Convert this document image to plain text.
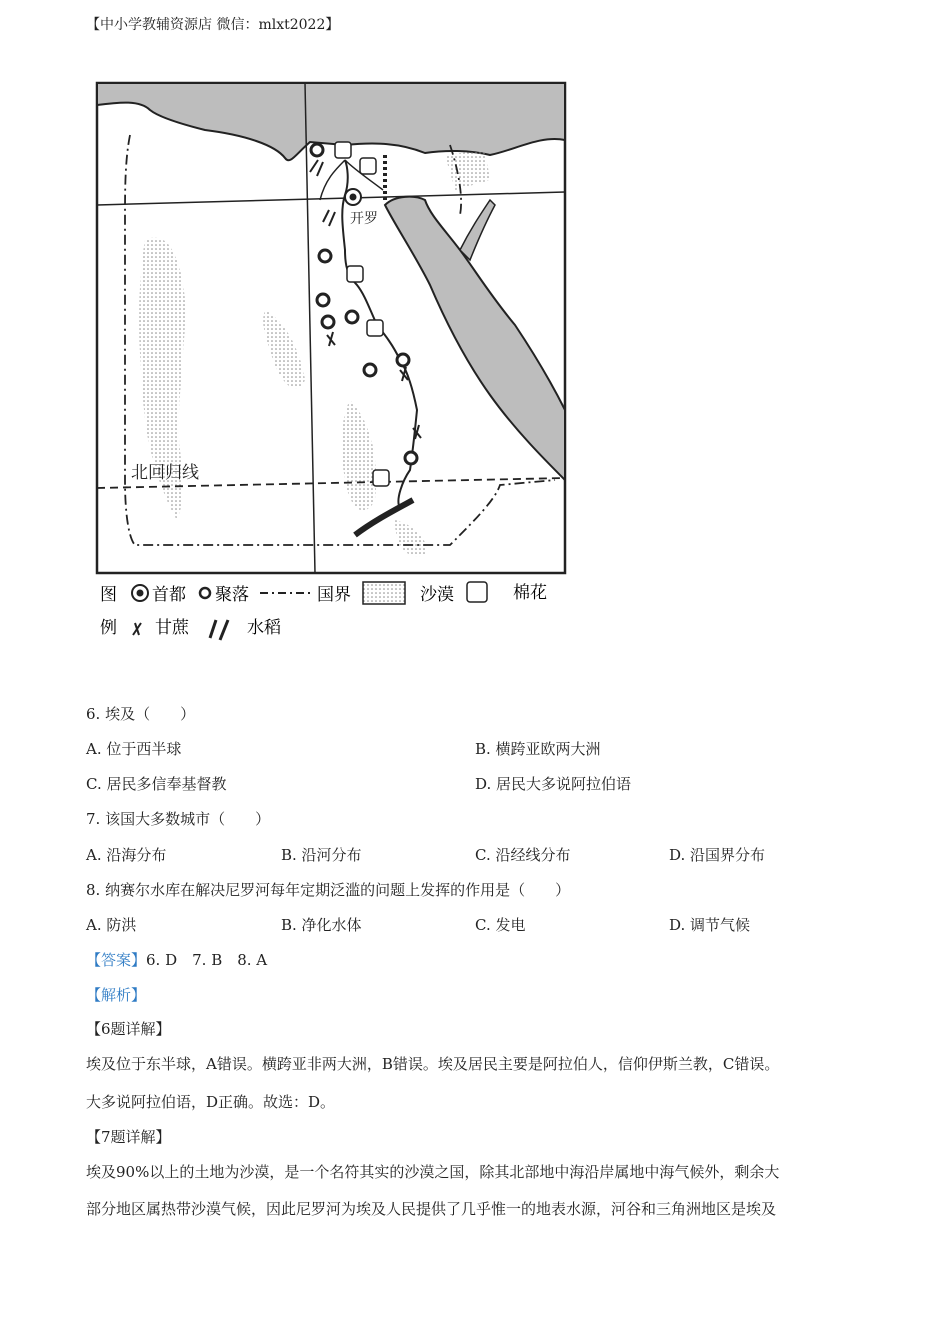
【中小学教辅资源店 微信：mlxt2022】
开罗
北回归线
图 首都 聚落	国界	沙漠	棉花
例 甘蔗	水稻
6. 埃及（　　）
A. 位于西半球	B. 横跨亚欧两大洲
C. 居民多信奉基督教	D. 居民大多说阿拉伯语
7. 该国大多数城市（　　）
A. 沿海分布	B. 沿河分布	C. 沿经线分布	D. 沿国界分布
8. 纳赛尔水库在解决尼罗河每年定期泛滥的问题上发挥的作用是（　　）
A. 防洪	B. 净化水体	C. 发电	D. 调节气候
【答案】6. D　7. B　8. A
【解析】
【6题详解】
埃及位于东半球，A错误。横跨亚非两大洲，B错误。埃及居民主要是阿拉伯人，信仰伊斯兰教，C错误。
大多说阿拉伯语，D正确。故选：D。
【7题详解】
埃及90%以上的土地为沙漠，是一个名符其实的沙漠之国，除其北部地中海沿岸属地中海气候外，剩余大
部分地区属热带沙漠气候，因此尼罗河为埃及人民提供了几乎惟一的地表水源，河谷和三角洲地区是埃及
